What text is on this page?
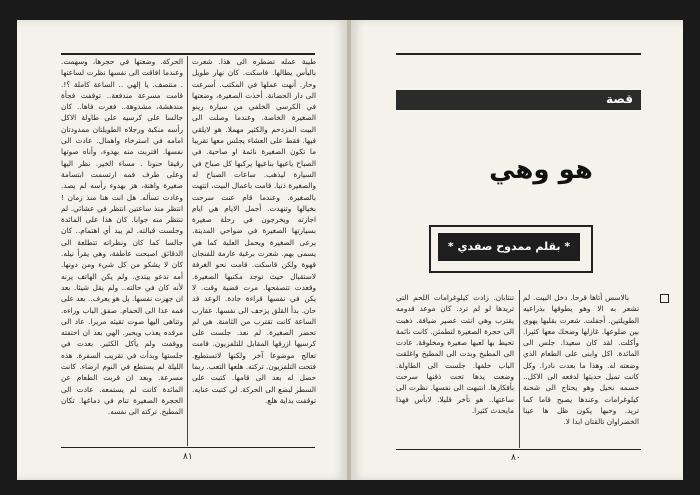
طيبة عمله تضطره الى هذا. شعرت بالبأس يطالها. قاسكت. كان نهار طويل وحار. أنهت عملها في المكتب. أسرعت الى دار الحضانة. أخذت الصغيرة، وضعتها في الكرسي الخلفي من سيارة رينو الصغيرة الخاصة. وعندما وصلت الى البيت المزدحم والكثير مهملا. هو لايلقي فيها. فقط على العشاء يجلس معها تقريبا ما تكون الصغيرة نائمة او صاحية. في الصباح ياعيها بناعيها يركبها كل صباح في السيارة ليذهب. ساعات الصباح له والصغيرة ذنبا. قامت باعمال البيت، انتهت بالصغيرة. وعندما قام عنت سرحت بخيالها وتنهدت. أجمل الايام هي ايام اجازته ويخرجون في رحلة صغيرة بسيارتها الصغيرة في ضواحي المدينة. يرعى الصغيرة ويحمل العلبة كما هي يسمى بهم. شعرت برغبة عارمة للفنجان قهوة ولكن قاسكت. قامت نحو الغرفة لاستقبال حيث توجد مكتبها الصغيرة. وقعدت تتصفحها. مرت قضية وقت. لا يكن في نفسها قراءة جادة. الوعد قد حان. بدأ القلق يزحف الى نفسها. عقارب الساعة كانت تقترب من الثامنة. هي لم تحضر الصغيرة. لم نعد. جلست على كرسيها ازرقها المقابل للتلفزيون. قامت تعالج موضوعا آخر ولكنها لاتستطيع. فتحت التلفزيون. تركته. هلعها التعب. ربما حصل له بعد الى قامها. كتبت على السطر لبضع الى الحركة. لي كتبت عنايه. توقفت بداية هلع.
الحركة. وضعتها في حجرها، وسهمت. وعندما افاقت الى نفسها نظرت لساعتها . منتصف. يا إلهي .. الساعة كاملة ؟!. قامت مسرعة مندفعة.. توقفت فجأة مندهشة، مشدوهة.. فغرت فاها.. كان جالسا على كرسيه على طاولة الاكل رأسه منكبة ورجلاه الطويلتان ممدودتان امامه في استرخاء واهمال. عادت الى نفسها. اقتربت منه بهدوء، وأناه صوتها رقيقا حنونا . مساء الخير. نظر اليها وعلى طرف فمه ارتسمت ابتسامة صغيرة واهنة، هز بهدوء رأسه لم يصد. وعادت تسأله. هل انت هنا منذ زمان ! انتظر منذ ساعتين انتظر في عشائي. لم تنتظر منه جوابا. كان هذا على المائدة وجلست قبالته. لم يبد أي اهتمام.. كان جالسا كما كان ونظراته تتطلعة الى الدقائق اصبحت عاطفة، وهي يقرأ نيله. كان لا يشكو من كل شيء ومن دونها. أمه تدعو يبتدي. ولم يكن الهاتف يرنه لأنه كان في حالته.. ولم يقل شيئا. بعد ان جهزت نفسها. بل هو يعرف.. بعد على فمه عدا الى الحمام. صفق الباب وراءه. وتناهى اليها صوت تقيئه مريرا. عاد الى مرقده يعذب ويحبر. الهي بعد ان احتفته ووقفت ولم يأكل الكثير. بعدت في جلستها وبدأت في تقريب السفرة. هذه الليلة لم يستطع في النوم ارضاء. كانت مسرعة. وبعد ان قربت الطعام عن المائدة كانت لم يستمعه. عادت الى الحجرة الصغيرة تنام في دماغها. تكان المطبخ. تركته الى نفسه.
٨١
قصة
هو وهي
* بقلم ممدوح صفدي *
بالاسس أتاها قرحا. دخل البيت. لم تشعر به الا وهو يطوقها بذراعيه الطويلتين. أجفلت. شعرت بقلبها يهوي بين ضلوعها. غازلها وضحك معها كثيرا. وأكلت. لقد كان سعيدا. جلس الى المائدة. اكل وابنى على الطعام الذي وضعته له. وهذا ما بعدت نادرا. وكل كانت تميل حديثها لدفعه الى الاكل.. حسمه نحيل وهو يحتاج الى شحنة كيلوغرامات وعندها يصبح قاما كما تريد. وحبها يكون ظل ها عينا الخضراوان تالقتان ابدا لا.
تنتابان. زادت كيلوغرامات اللحم التي تريدها لو لم ترد. كان موعد قدومه يقترب وهي انتت عصير ضيافة. ذهبت الى حجرة الصغيرة لتطمئن. كانت نائمة تحيط بها لعبها صغيرة ومخلوقة. عادت الى المطبخ وبدت الى المطبخ واغلقت الباب خلفها. جلست الى الطاولة. وضعت يدها تحت ذقنها سرحت بأفكارها. انتبهت الى نفسها. نظرت الى ساعتها.. هو تأخر قليلا. لابأس فهذا مايحدث كثيرا.
٨٠
